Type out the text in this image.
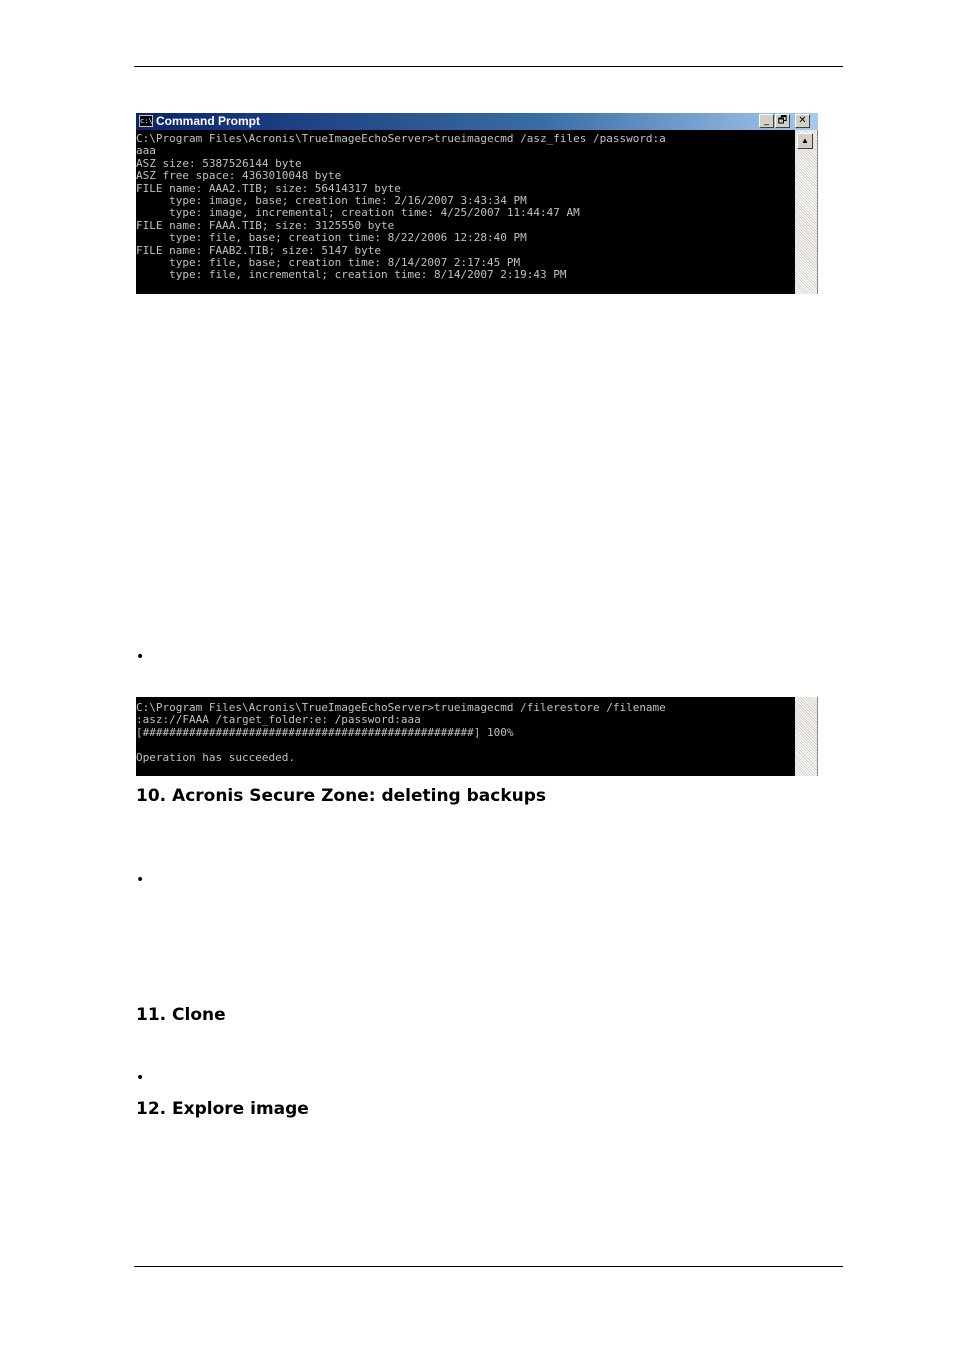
c:\ Command Prompt	_ 🗗	✕
C:\Program Files\Acronis\TrueImageEchoServer>trueimagecmd /asz_files /password:a
aaa
ASZ size: 5387526144 byte
ASZ free space: 4363010048 byte
FILE name: AAA2.TIB; size: 56414317 byte
type: image, base; creation time: 2/16/2007 3:43:34 PM
type: image, incremental; creation time: 4/25/2007 11:44:47 AM
FILE name: FAAA.TIB; size: 3125550 byte
type: file, base; creation time: 8/22/2006 12:28:40 PM
FILE name: FAAB2.TIB; size: 5147 byte
type: file, base; creation time: 8/14/2007 2:17:45 PM
type: file, incremental; creation time: 8/14/2007 2:19:43 PM
▲
•
C:\Program Files\Acronis\TrueImageEchoServer>trueimagecmd /filerestore /filename
:asz://FAAA /target_folder:e: /password:aaa
[##################################################] 100%
Operation has succeeded.
10. Acronis Secure Zone: deleting backups
•
11. Clone
•
12. Explore image
